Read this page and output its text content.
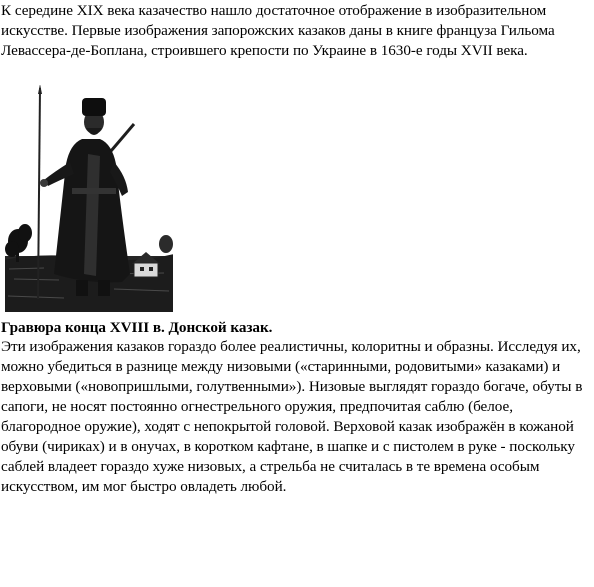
К середине XIX века казачество нашло достаточное отображение в изобразительном искусстве. Первые изображения запорожских казаков даны в книге француза Гильома Левассера-де-Боплана, строившего крепости по Украине в 1630-е годы XVII века.

Гравюра конца XVIII в. Донской казак.

Эти изображения казаков гораздо более реалистичны, колоритны и образны. Исследуя их, можно убедиться в разнице между низовыми («старинными, родовитыми» казаками) и верховыми («новопришлыми, голутвенными»). Низовые выглядят гораздо богаче, обуты в сапоги, не носят постоянно огнестрельного оружия, предпочитая саблю (белое, благородное оружие), ходят с непокрытой головой. Верховой казак изображён в кожаной обуви (чириках) и в онучах, в коротком кафтане, в шапке и с пистолем в руке - поскольку саблей владеет гораздо хуже низовых, а стрельба не считалась в те времена особым искусством, им мог быстро овладеть любой.
